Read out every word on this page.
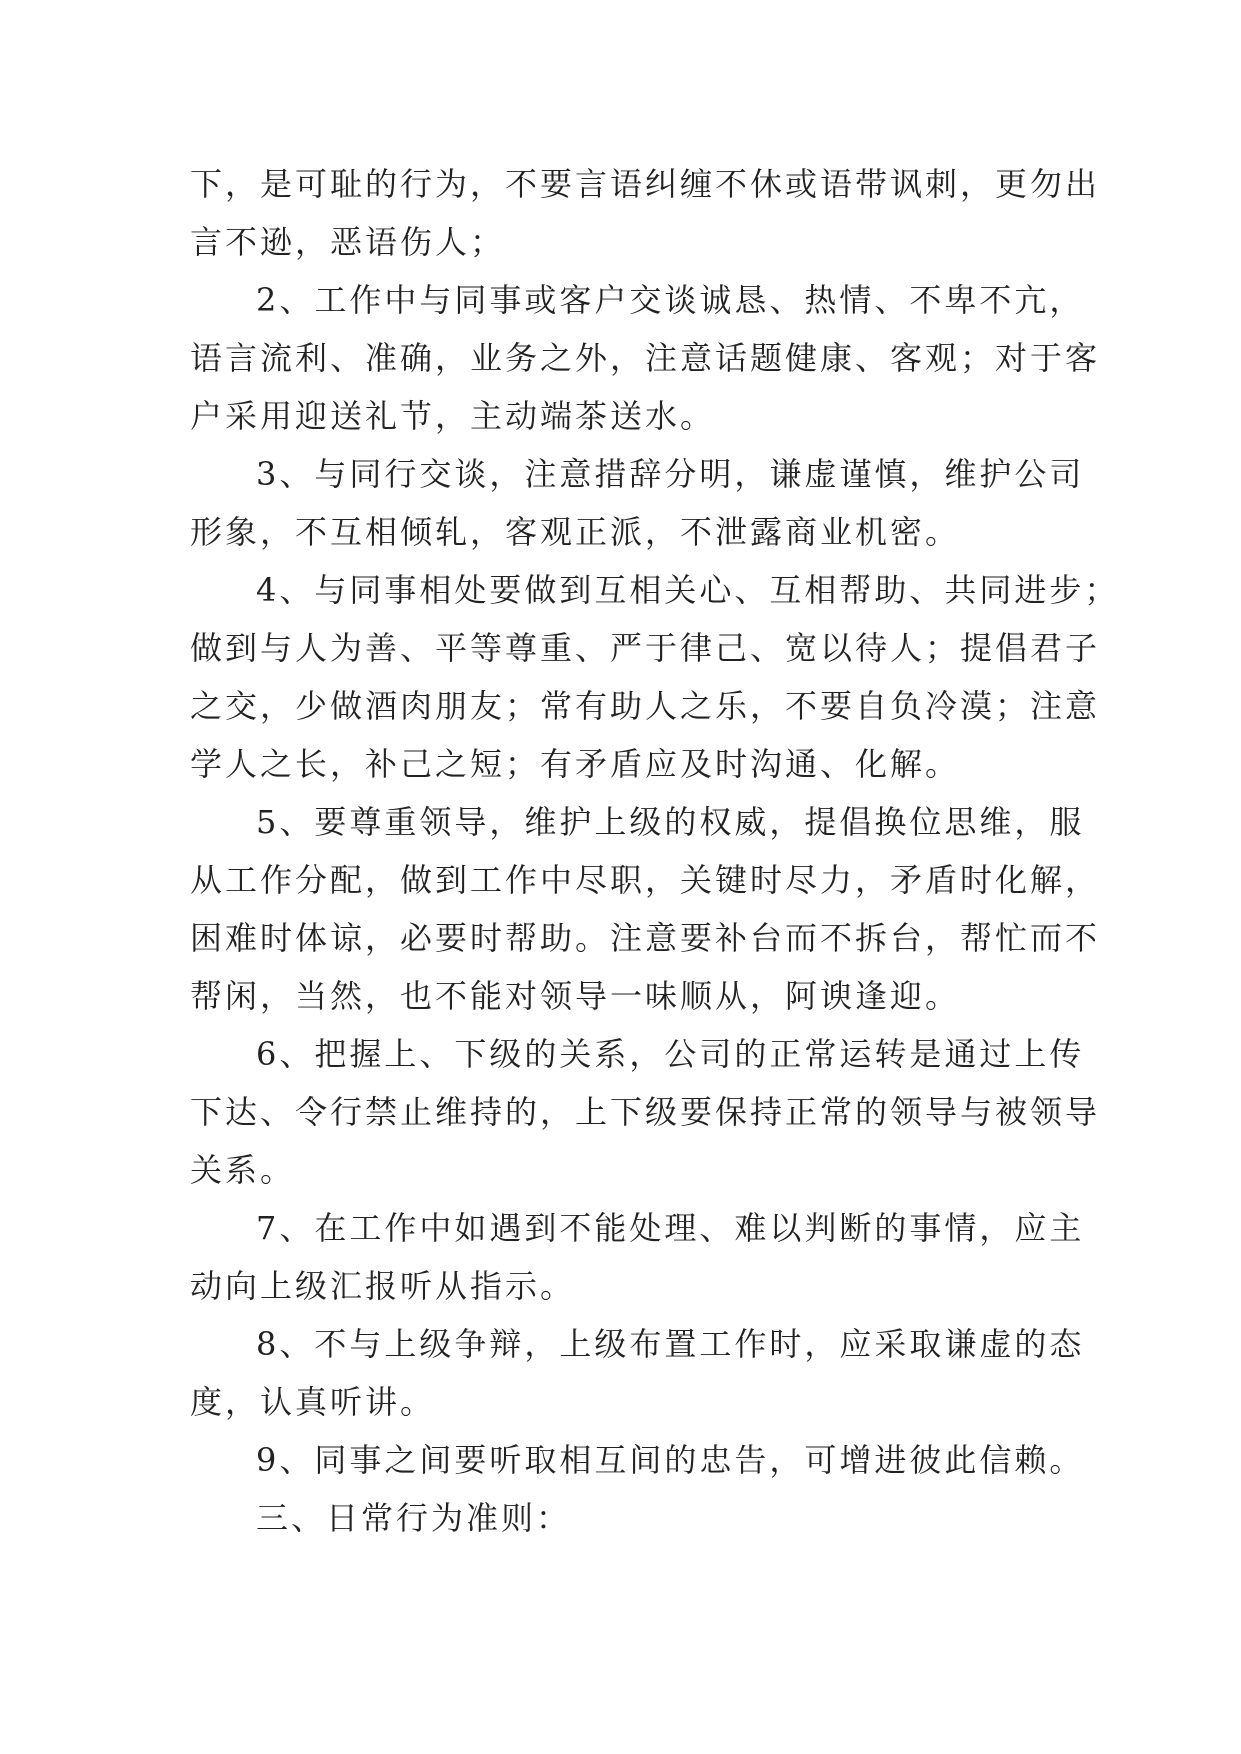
下，是可耻的行为，不要言语纠缠不休或语带讽刺，更勿出
言不逊，恶语伤人；
2、工作中与同事或客户交谈诚恳、热情、不卑不亢，
语言流利、准确，业务之外，注意话题健康、客观；对于客
户采用迎送礼节，主动端茶送水。
3、与同行交谈，注意措辞分明，谦虚谨慎，维护公司
形象，不互相倾轧，客观正派，不泄露商业机密。
4、与同事相处要做到互相关心、互相帮助、共同进步；
做到与人为善、平等尊重、严于律己、宽以待人；提倡君子
之交，少做酒肉朋友；常有助人之乐，不要自负冷漠；注意
学人之长，补己之短；有矛盾应及时沟通、化解。
5、要尊重领导，维护上级的权威，提倡换位思维，服
从工作分配，做到工作中尽职，关键时尽力，矛盾时化解，
困难时体谅，必要时帮助。注意要补台而不拆台，帮忙而不
帮闲，当然，也不能对领导一味顺从，阿谀逢迎。
6、把握上、下级的关系，公司的正常运转是通过上传
下达、令行禁止维持的，上下级要保持正常的领导与被领导
关系。
7、在工作中如遇到不能处理、难以判断的事情，应主
动向上级汇报听从指示。
8、不与上级争辩，上级布置工作时，应采取谦虚的态
度，认真听讲。
9、同事之间要听取相互间的忠告，可增进彼此信赖。
三、日常行为准则：
